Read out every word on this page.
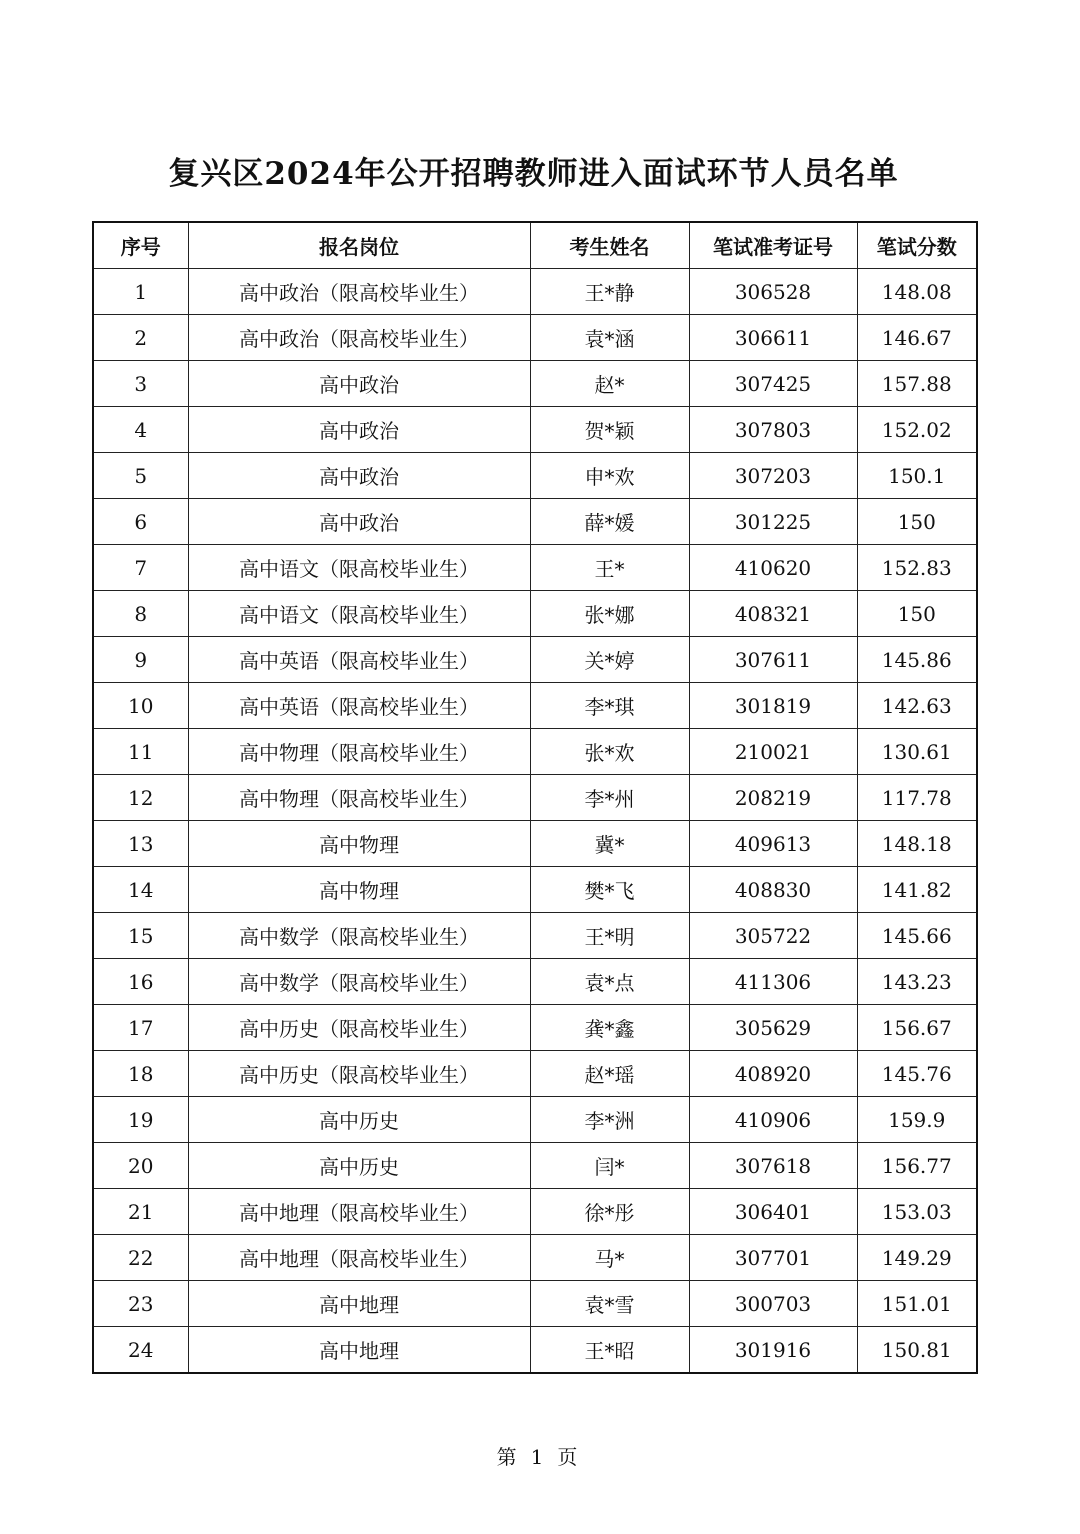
复兴区2024年公开招聘教师进入面试环节人员名单
序号	报名岗位	考生姓名	笔试准考证号	笔试分数
1	高中政治（限高校毕业生）	王*静	306528	148.08
2	高中政治（限高校毕业生）	袁*涵	306611	146.67
3	高中政治	赵*	307425	157.88
4	高中政治	贺*颖	307803	152.02
5	高中政治	申*欢	307203	150.1
6	高中政治	薛*媛	301225	150
7	高中语文（限高校毕业生）	王*	410620	152.83
8	高中语文（限高校毕业生）	张*娜	408321	150
9	高中英语（限高校毕业生）	关*婷	307611	145.86
10	高中英语（限高校毕业生）	李*琪	301819	142.63
11	高中物理（限高校毕业生）	张*欢	210021	130.61
12	高中物理（限高校毕业生）	李*州	208219	117.78
13	高中物理	冀*	409613	148.18
14	高中物理	樊*飞	408830	141.82
15	高中数学（限高校毕业生）	王*明	305722	145.66
16	高中数学（限高校毕业生）	袁*点	411306	143.23
17	高中历史（限高校毕业生）	龚*鑫	305629	156.67
18	高中历史（限高校毕业生）	赵*瑶	408920	145.76
19	高中历史	李*洲	410906	159.9
20	高中历史	闫*	307618	156.77
21	高中地理（限高校毕业生）	徐*彤	306401	153.03
22	高中地理（限高校毕业生）	马*	307701	149.29
23	高中地理	袁*雪	300703	151.01
24	高中地理	王*昭	301916	150.81
第 1 页
